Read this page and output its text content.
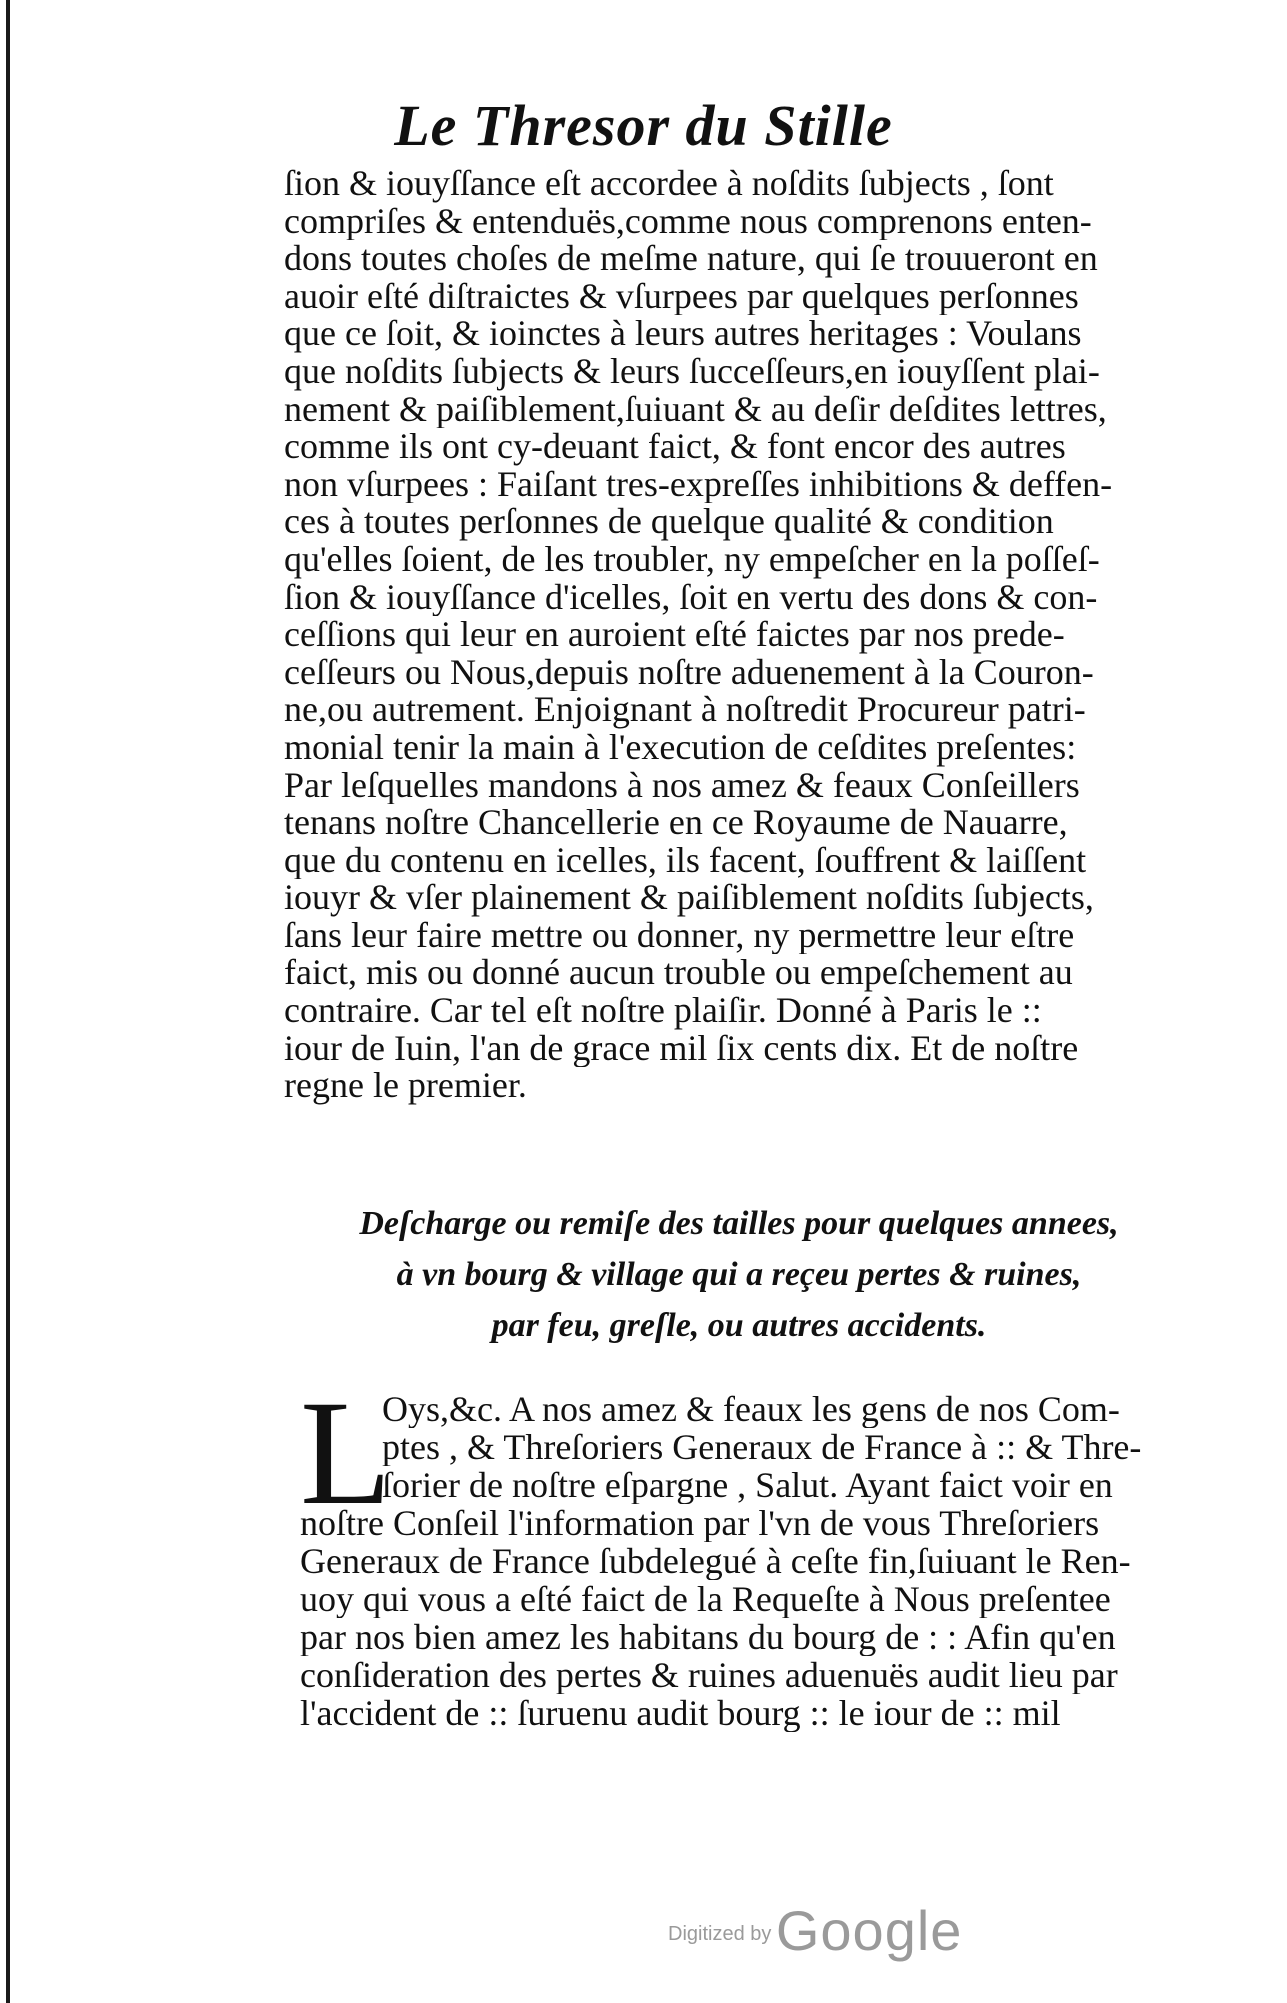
Le Thresor du Stille
ſion & iouyſſance eſt accordee à noſdits ſubjects , ſont
compriſes & entenduës,comme nous comprenons enten-
dons toutes choſes de meſme nature, qui ſe trouueront en
auoir eſté diſtraictes & vſurpees par quelques perſonnes
que ce ſoit, & ioinctes à leurs autres heritages : Voulans
que noſdits ſubjects & leurs ſucceſſeurs,en iouyſſent plai-
nement & paiſiblement,ſuiuant & au deſir deſdites lettres,
comme ils ont cy-deuant faict, & font encor des autres
non vſurpees : Faiſant tres-expreſſes inhibitions & deffen-
ces à toutes perſonnes de quelque qualité & condition
qu'elles ſoient, de les troubler, ny empeſcher en la poſſeſ-
ſion & iouyſſance d'icelles, ſoit en vertu des dons & con-
ceſſions qui leur en auroient eſté faictes par nos prede-
ceſſeurs ou Nous,depuis noſtre aduenement à la Couron-
ne,ou autrement. Enjoignant à noſtredit Procureur patri-
monial tenir la main à l'execution de ceſdites preſentes:
Par leſquelles mandons à nos amez & feaux Conſeillers
tenans noſtre Chancellerie en ce Royaume de Nauarre,
que du contenu en icelles, ils facent, ſouffrent & laiſſent
iouyr & vſer plainement & paiſiblement noſdits ſubjects,
ſans leur faire mettre ou donner, ny permettre leur eſtre
faict, mis ou donné aucun trouble ou empeſchement au
contraire. Car tel eſt noſtre plaiſir. Donné à Paris le ::
iour de Iuin, l'an de grace mil ſix cents dix. Et de noſtre
regne le premier.
Deſcharge ou remiſe des tailles pour quelques annees,
à vn bourg & village qui a reçeu pertes & ruines,
par feu, greſle, ou autres accidents.
L
Oys,&c. A nos amez & feaux les gens de nos Com-
ptes , & Threſoriers Generaux de France à :: & Thre-
ſorier de noſtre eſpargne , Salut. Ayant faict voir en
noſtre Conſeil l'information par l'vn de vous Threſoriers
Generaux de France ſubdelegué à ceſte fin,ſuiuant le Ren-
uoy qui vous a eſté faict de la Requeſte à Nous preſentee
par nos bien amez les habitans du bourg de : : Afin qu'en
conſideration des pertes & ruines aduenuës audit lieu par
l'accident de :: ſuruenu audit bourg :: le iour de :: mil
Digitized by Google
